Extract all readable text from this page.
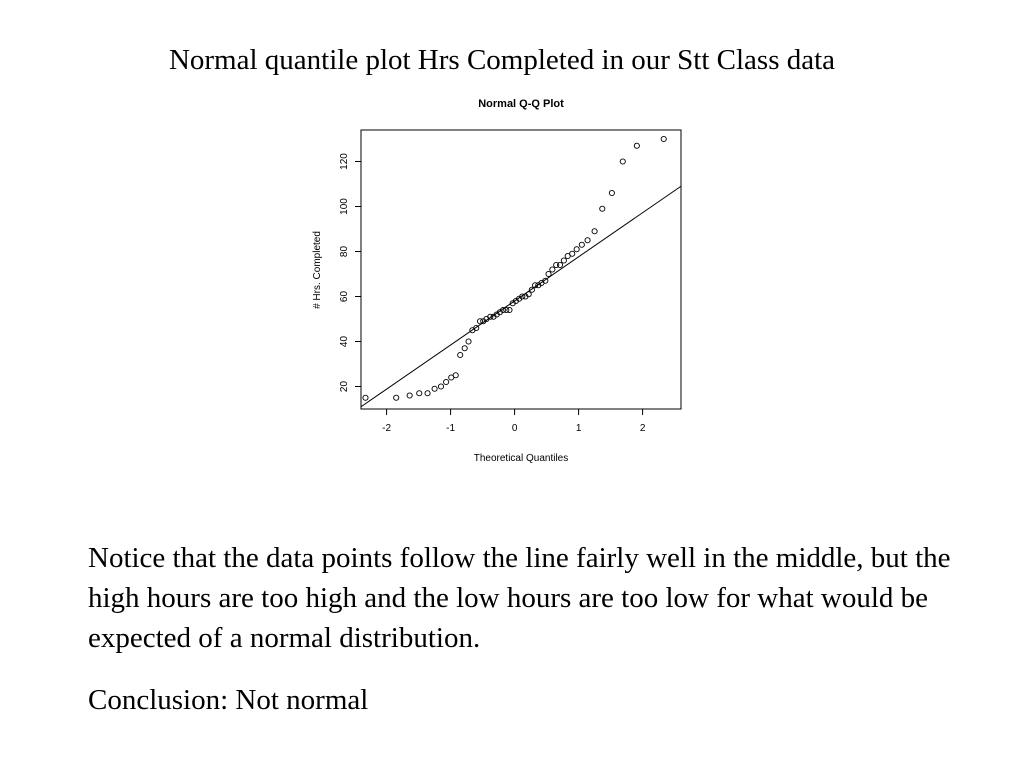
Normal quantile plot Hrs Completed in our Stt Class data
Normal Q-Q Plot
-2	-1	0	1	2
20
40
60
80
100
120
Theoretical Quantiles
# Hrs. Completed

Notice that the data points follow the line fairly well in the middle, but the high hours are too high and the low hours are too low for what would be expected of a normal distribution.

Conclusion: Not normal
